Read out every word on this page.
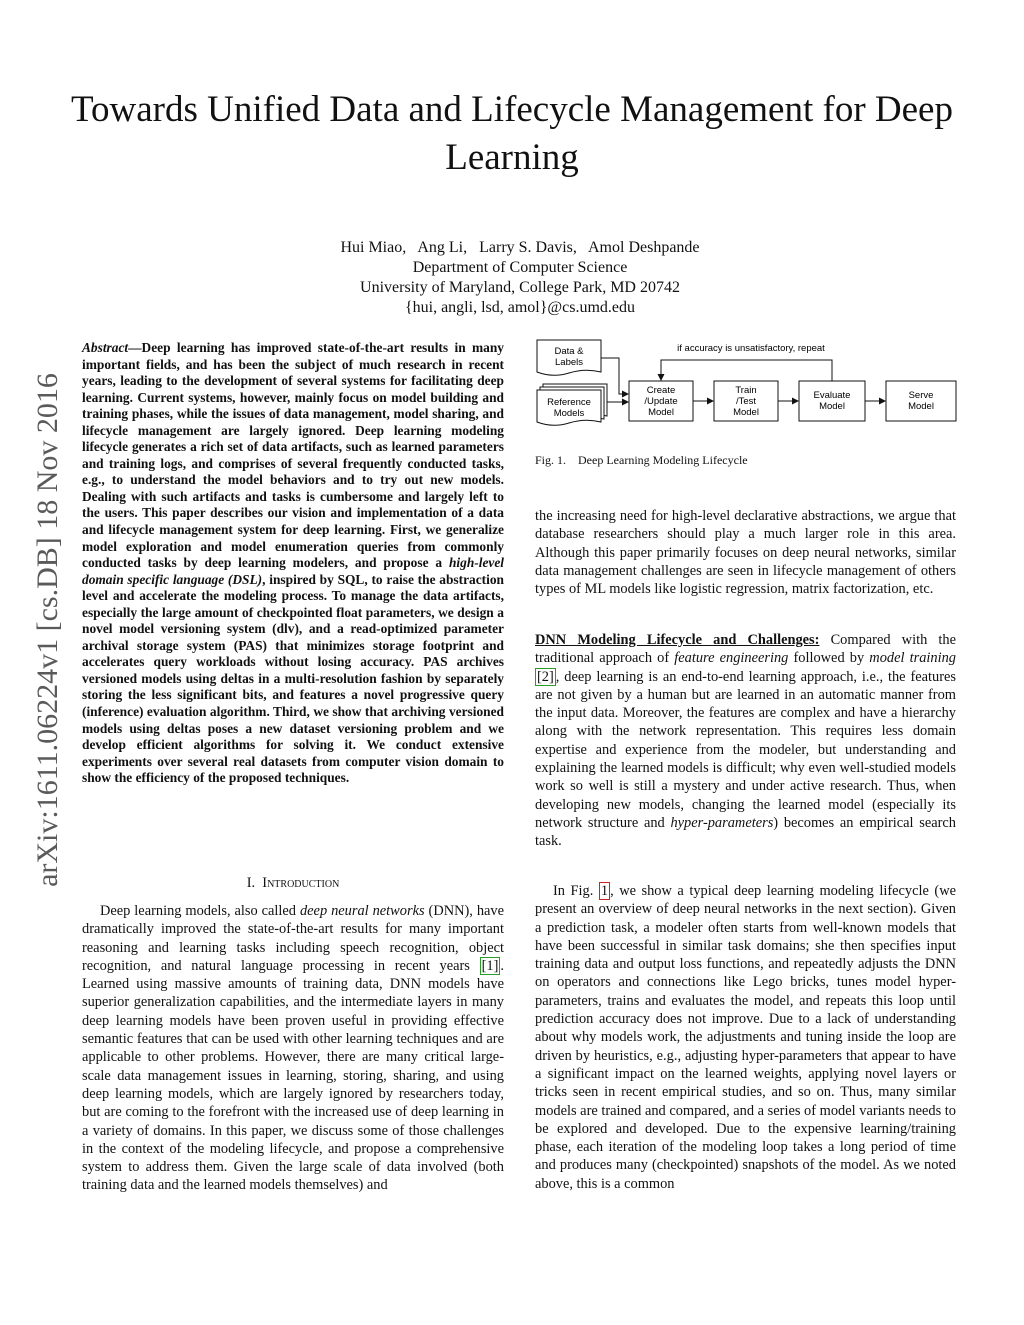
Towards Unified Data and Lifecycle Management for Deep Learning
Hui Miao,   Ang Li,   Larry S. Davis,   Amol Deshpande
Department of Computer Science
University of Maryland, College Park, MD 20742
{hui, angli, lsd, amol}@cs.umd.edu
arXiv:1611.06224v1 [cs.DB] 18 Nov 2016

Abstract—Deep learning has improved state-of-the-art results in many important fields, and has been the subject of much research in recent years, leading to the development of several systems for facilitating deep learning. Current systems, however, mainly focus on model building and training phases, while the issues of data management, model sharing, and lifecycle management are largely ignored. Deep learning modeling lifecycle generates a rich set of data artifacts, such as learned parameters and training logs, and comprises of several frequently conducted tasks, e.g., to understand the model behaviors and to try out new models. Dealing with such artifacts and tasks is cumbersome and largely left to the users. This paper describes our vision and implementation of a data and lifecycle management system for deep learning. First, we generalize model exploration and model enumeration queries from commonly conducted tasks by deep learning modelers, and propose a high-level domain specific language (DSL), inspired by SQL, to raise the abstraction level and accelerate the modeling process. To manage the data artifacts, especially the large amount of checkpointed float parameters, we design a novel model versioning system (dlv), and a read-optimized parameter archival storage system (PAS) that minimizes storage footprint and accelerates query workloads without losing accuracy. PAS archives versioned models using deltas in a multi-resolution fashion by separately storing the less significant bits, and features a novel progressive query (inference) evaluation algorithm. Third, we show that archiving versioned models using deltas poses a new dataset versioning problem and we develop efficient algorithms for solving it. We conduct extensive experiments over several real datasets from computer vision domain to show the efficiency of the proposed techniques.

I. Introduction

Deep learning models, also called deep neural networks (DNN), have dramatically improved the state-of-the-art results for many important reasoning and learning tasks including speech recognition, object recognition, and natural language processing in recent years [1] . Learned using massive amounts of training data, DNN models have superior generalization capabilities, and the intermediate layers in many deep learning models have been proven useful in providing effective semantic features that can be used with other learning techniques and are applicable to other problems. However, there are many critical large-scale data management issues in learning, storing, sharing, and using deep learning models, which are largely ignored by researchers today, but are coming to the forefront with the increased use of deep learning in a variety of domains. In this paper, we discuss some of those challenges in the context of the modeling lifecycle, and propose a comprehensive system to address them. Given the large scale of data involved (both training data and the learned models themselves) and

Data &
Labels
Reference
Models
Create
/Update
Model
Train
/Test
Model
Evaluate
Model
Serve
Model
if accuracy is unsatisfactory, repeat
Fig. 1. Deep Learning Modeling Lifecycle

the increasing need for high-level declarative abstractions, we argue that database researchers should play a much larger role in this area. Although this paper primarily focuses on deep neural networks, similar data management challenges are seen in lifecycle management of others types of ML models like logistic regression, matrix factorization, etc.

DNN Modeling Lifecycle and Challenges: Compared with the traditional approach of feature engineering followed by model training [2] , deep learning is an end-to-end learning approach, i.e., the features are not given by a human but are learned in an automatic manner from the input data. Moreover, the features are complex and have a hierarchy along with the network representation. This requires less domain expertise and experience from the modeler, but understanding and explaining the learned models is difficult; why even well-studied models work so well is still a mystery and under active research. Thus, when developing new models, changing the learned model (especially its network structure and hyper-parameters) becomes an empirical search task.

In Fig. 1 , we show a typical deep learning modeling lifecycle (we present an overview of deep neural networks in the next section). Given a prediction task, a modeler often starts from well-known models that have been successful in similar task domains; she then specifies input training data and output loss functions, and repeatedly adjusts the DNN on operators and connections like Lego bricks, tunes model hyper-parameters, trains and evaluates the model, and repeats this loop until prediction accuracy does not improve. Due to a lack of understanding about why models work, the adjustments and tuning inside the loop are driven by heuristics, e.g., adjusting hyper-parameters that appear to have a significant impact on the learned weights, applying novel layers or tricks seen in recent empirical studies, and so on. Thus, many similar models are trained and compared, and a series of model variants needs to be explored and developed. Due to the expensive learning/training phase, each iteration of the modeling loop takes a long period of time and produces many (checkpointed) snapshots of the model. As we noted above, this is a common
